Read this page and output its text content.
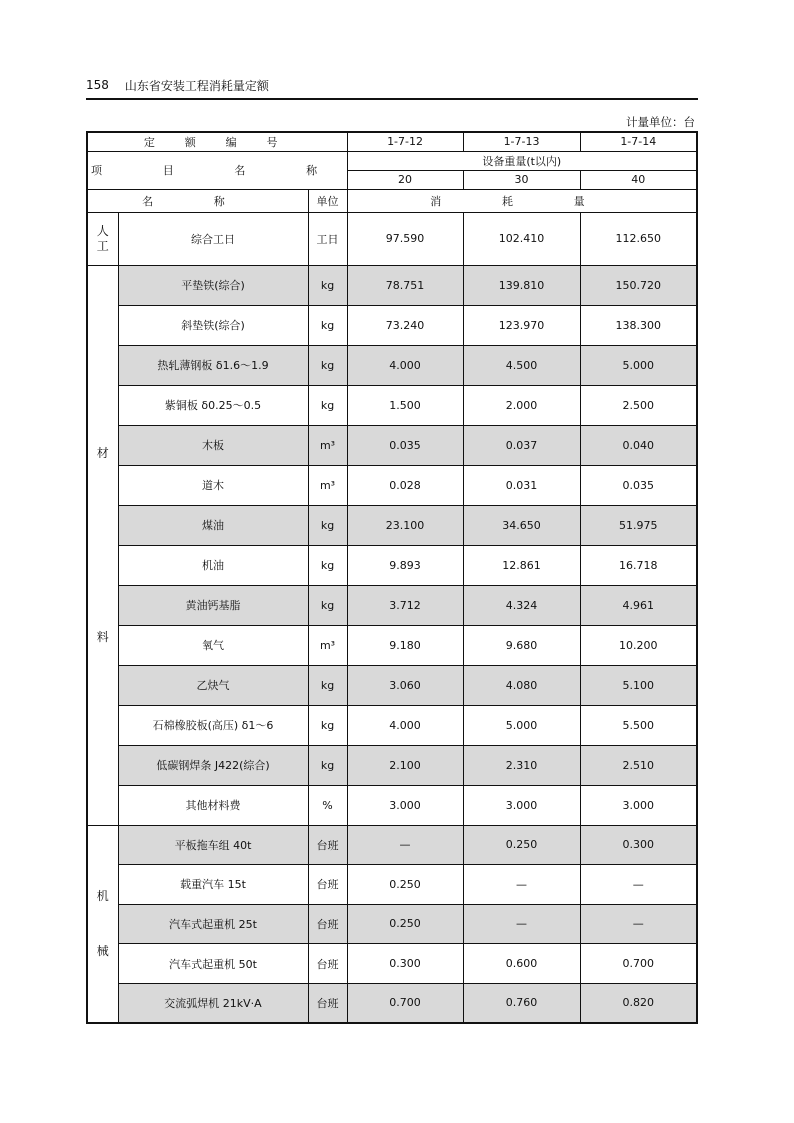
158 山东省安装工程消耗量定额
计量单位：台
定 额 编 号			1-7-12	1-7-13	1-7-14
项 目 名 称			设备重量(t以内)		
			20	30	40
名 称		单位	消 耗 量		

人
工	综合工日	工日	97.590	102.410	112.650

材
料	平垫铁(综合)	kg	78.751	139.810	150.720
	斜垫铁(综合)	kg	73.240	123.970	138.300
	热轧薄钢板 δ1.6～1.9	kg	4.000	4.500	5.000
	紫铜板 δ0.25～0.5	kg	1.500	2.000	2.500
	木板	m³	0.035	0.037	0.040
	道木	m³	0.028	0.031	0.035
	煤油	kg	23.100	34.650	51.975
	机油	kg	9.893	12.861	16.718
	黄油钙基脂	kg	3.712	4.324	4.961
	氧气	m³	9.180	9.680	10.200
	乙炔气	kg	3.060	4.080	5.100
	石棉橡胶板(高压) δ1～6	kg	4.000	5.000	5.500
	低碳钢焊条 J422(综合)	kg	2.100	2.310	2.510
	其他材料费	%	3.000	3.000	3.000

机
械	平板拖车组 40t	台班	—	0.250	0.300
	载重汽车 15t	台班	0.250	—	—
	汽车式起重机 25t	台班	0.250	—	—
	汽车式起重机 50t	台班	0.300	0.600	0.700
	交流弧焊机 21kV·A	台班	0.700	0.760	0.820
